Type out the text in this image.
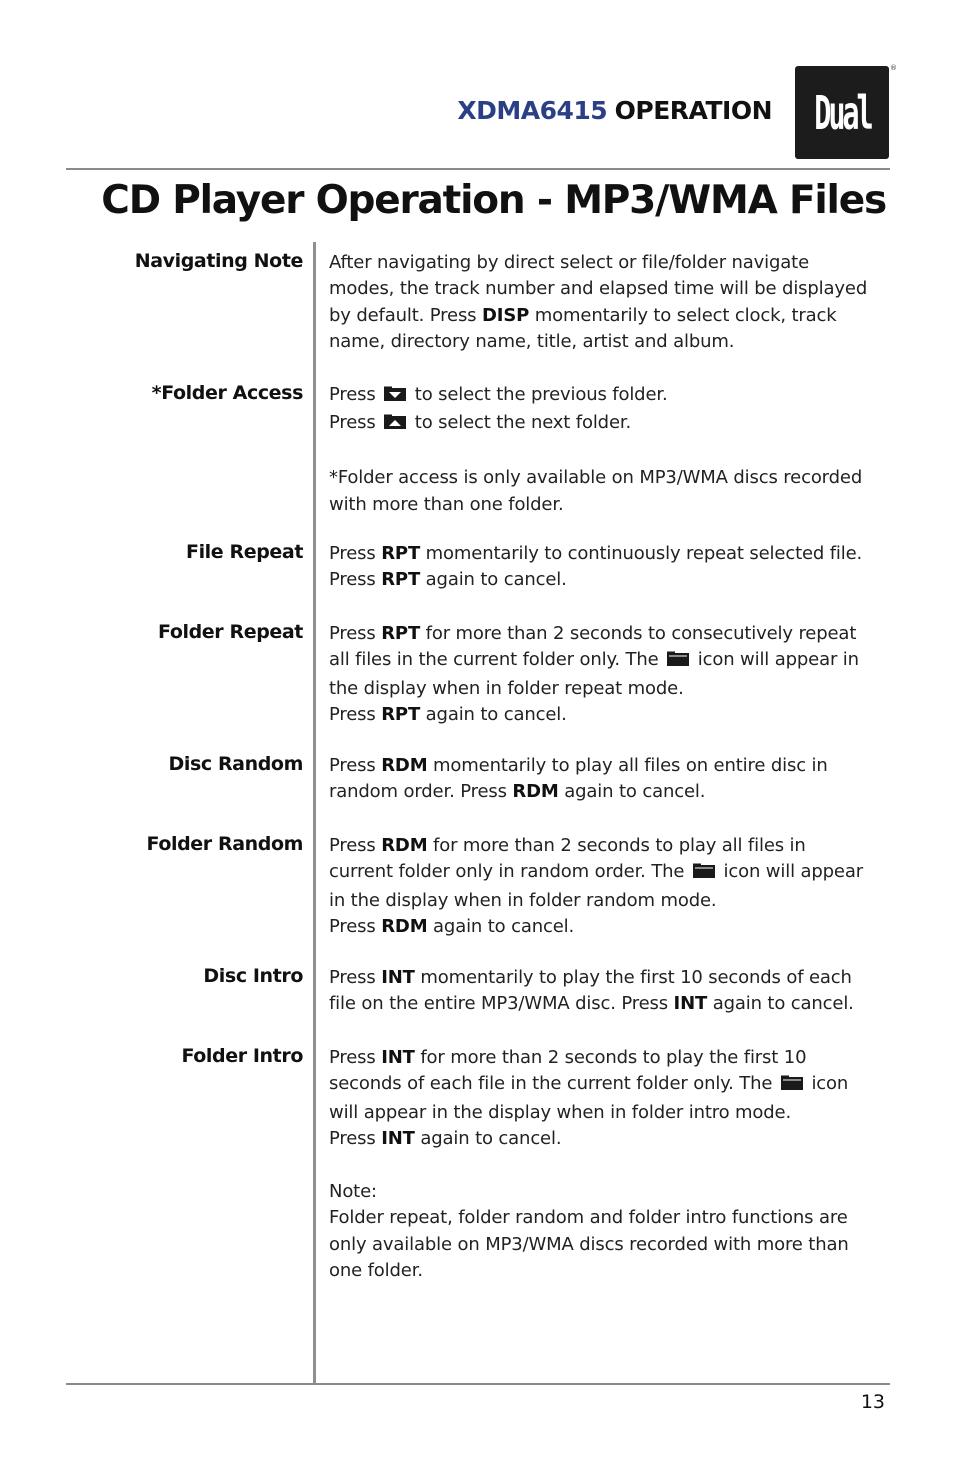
XDMA6415 OPERATION Dual
®
CD Player Operation - MP3/WMA Files
Navigating Note After navigating by direct select or file/folder navigate
modes, the track number and elapsed time will be displayed
by default. Press DISP momentarily to select clock, track
name, directory name, title, artist and album.
*Folder Access Press to select the previous folder.
Press to select the next folder.
*Folder access is only available on MP3/WMA discs recorded
with more than one folder.
File Repeat Press RPT momentarily to continuously repeat selected file.
Press RPT again to cancel.
Folder Repeat Press RPT for more than 2 seconds to consecutively repeat
all files in the current folder only. The icon will appear in
the display when in folder repeat mode.
Press RPT again to cancel.
Disc Random Press RDM momentarily to play all files on entire disc in
random order. Press RDM again to cancel.
Folder Random Press RDM for more than 2 seconds to play all files in
current folder only in random order. The icon will appear
in the display when in folder random mode.
Press RDM again to cancel.
Disc Intro Press INT momentarily to play the first 10 seconds of each
file on the entire MP3/WMA disc. Press INT again to cancel.
Folder Intro Press INT for more than 2 seconds to play the first 10
seconds of each file in the current folder only. The icon
will appear in the display when in folder intro mode.
Press INT again to cancel.
Note:
Folder repeat, folder random and folder intro functions are
only available on MP3/WMA discs recorded with more than
one folder.
13
